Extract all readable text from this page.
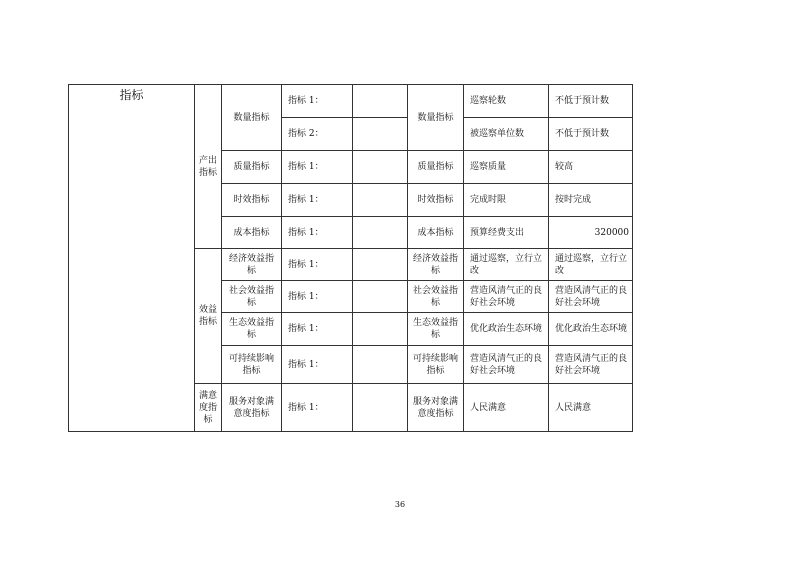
指标	产出指标	数量指标	指标 1：		数量指标	巡察轮数	不低于预计数
			指标 2：			被巡察单位数	不低于预计数
		质量指标	指标 1：		质量指标	巡察质量	较高
		时效指标	指标 1：		时效指标	完成时限	按时完成
		成本指标	指标 1：		成本指标	预算经费支出	320000
	效益指标	经济效益指标	指标 1：		经济效益指标	通过巡察，立行立改	通过巡察，立行立改
		社会效益指标	指标 1：		社会效益指标	营造风清气正的良好社会环境	营造风清气正的良好社会环境
		生态效益指标	指标 1：		生态效益指标	优化政治生态环境	优化政治生态环境
		可持续影响指标	指标 1：		可持续影响指标	营造风清气正的良好社会环境	营造风清气正的良好社会环境
	满意度指标	服务对象满意度指标	指标 1：		服务对象满意度指标	人民满意	人民满意
36
